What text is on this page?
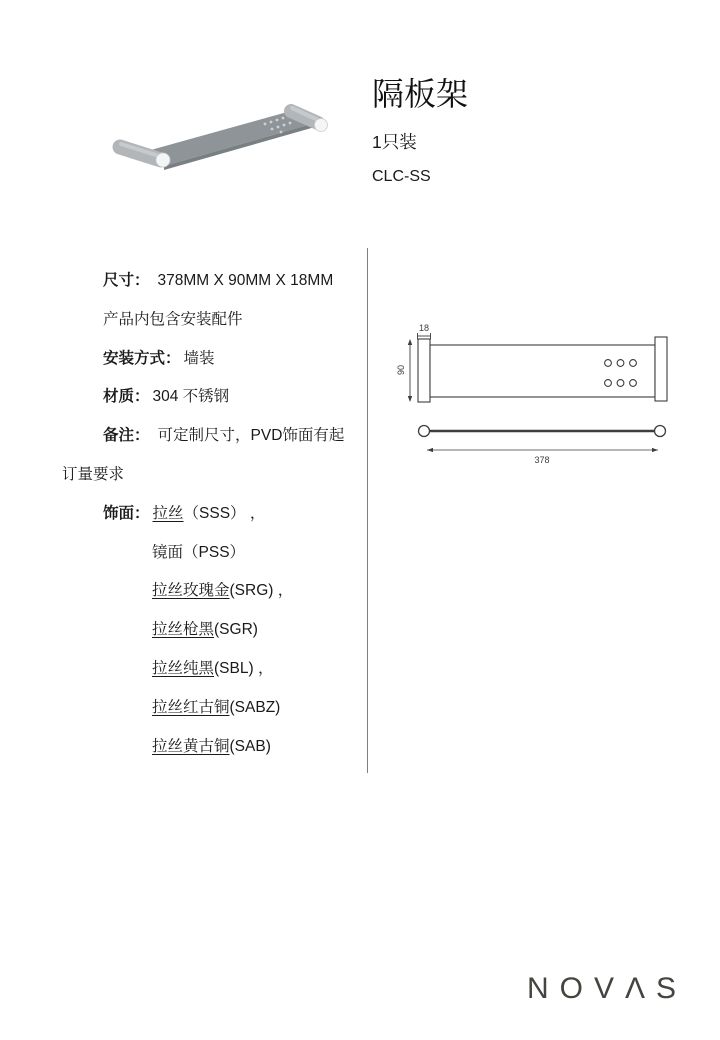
隔板架
1只装
CLC-SS
尺寸： 378MM X 90MM X 18MM
产品内包含安装配件
安装方式： 墙装
材质： 304 不锈钢
备注： 可定制尺寸，PVD饰面有起
订量要求
饰面： 拉丝（SSS） ，
镜面（PSS）
拉丝玫瑰金(SRG) ，
拉丝枪黑(SGR)
拉丝纯黑(SBL) ，
拉丝红古铜(SABZ)
拉丝黄古铜(SAB)
18
90
378
NOVΛS
